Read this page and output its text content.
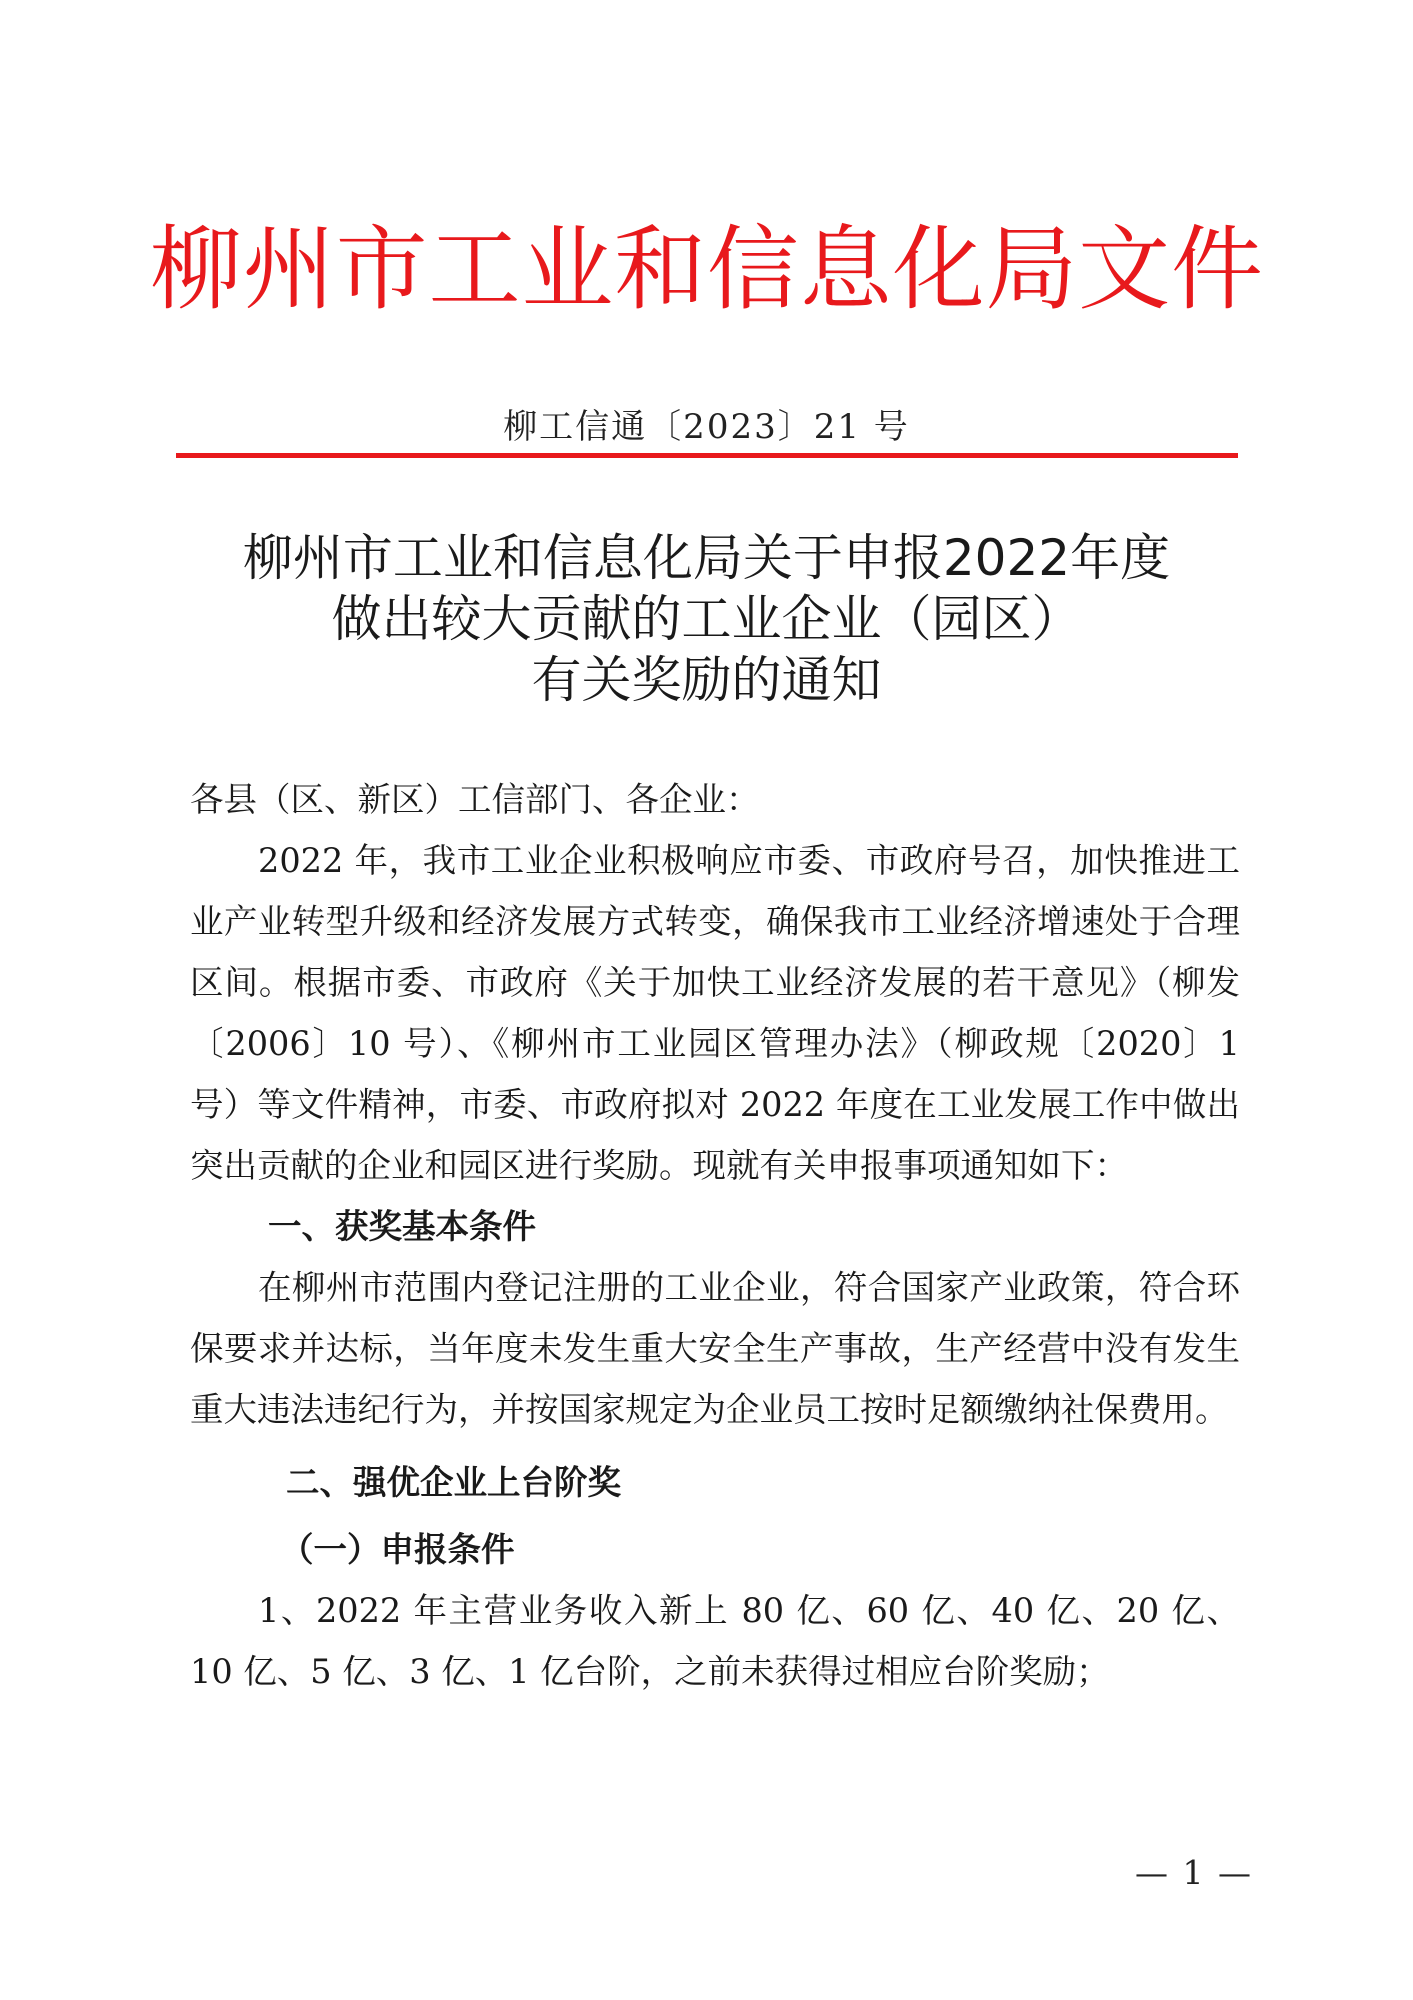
柳 州 市 工 业 和 信 息 化 局 文 件
柳工信通〔2023〕21 号
柳州市工业和信息化局关于申报2022年度
做出较大贡献的工业企业（园区）
有关奖励的通知

各县（区、新区）工信部门、各企业：

2022 年，我市工业企业积极响应市委、市政府号召，加快推进工业产业转型升级和经济发展方式转变，确保我市工业经济增速处于合理区间。根据市委、市政府《关于加快工业经济发展的若干意见》（柳发〔2006〕10 号）、《柳州市工业园区管理办法》（柳政规〔2020〕1 号）等文件精神，市委、市政府拟对 2022 年度在工业发展工作中做出突出贡献的企业和园区进行奖励。现就有关申报事项通知如下：

一、获奖基本条件

在柳州市范围内登记注册的工业企业，符合国家产业政策，符合环保要求并达标，当年度未发生重大安全生产事故，生产经营中没有发生重大违法违纪行为，并按国家规定为企业员工按时足额缴纳社保费用。

二、强优企业上台阶奖

（一）申报条件

1、2022 年主营业务收入新上 80 亿、60 亿、40 亿、20 亿、10 亿、5 亿、3 亿、1 亿台阶，之前未获得过相应台阶奖励；

— 1 —
